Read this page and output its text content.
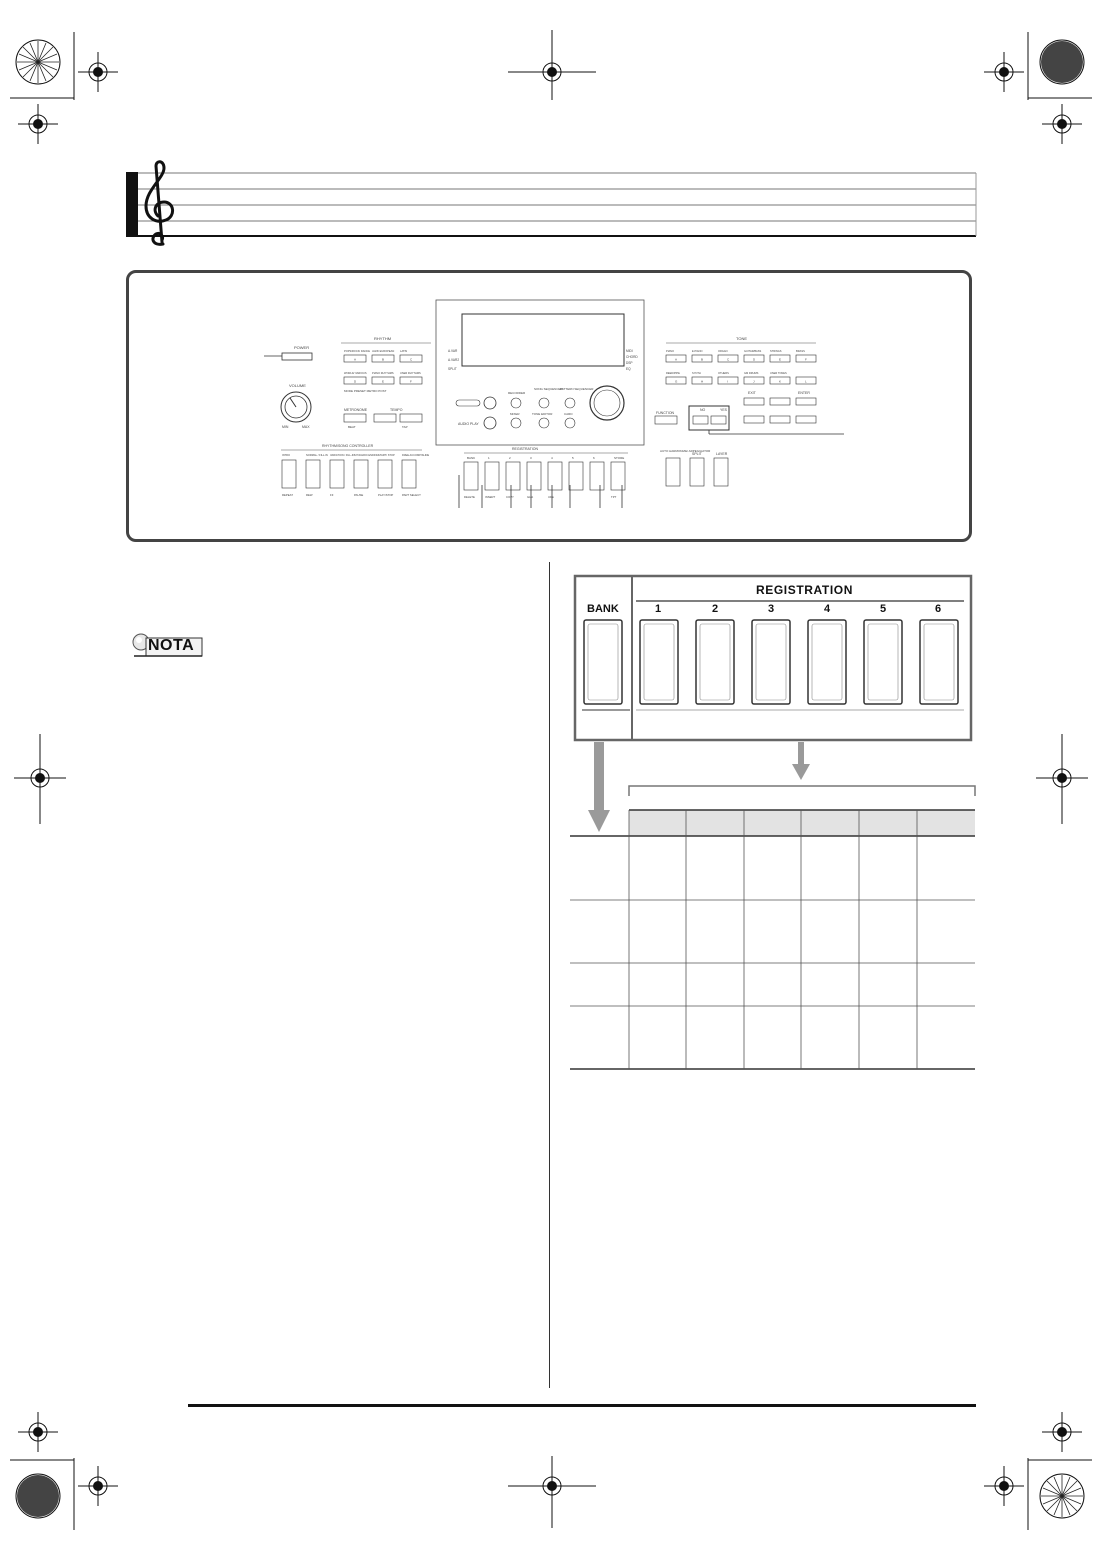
POWER
VOLUME
MIN	MAX
RHYTHM
POPS/ROCK/ DANCE
A
JAZZ/ EUROPEAN
B
LATIN
C
WORLD/ VARIOUS
D
PIANO RHYTHMS
E
USER RHYTHMS
F
MODE PRESET METRO POST
METRONOME	TEMPO
BEAT	TAP
RHYTHM/SONG CONTROLLER
INTRO
REPEAT
NORMAL / FILL-IN
REW
VARIATION / FILL-IN
FF
SYNCHRO/ ENDING
PAUSE
START/ STOP
PLAY/STOP
FREE ACCOMP/SLIDE
PART SELECT
A.VAR
A.VAR2
SPLIT
MIDI
CHORD
DSP
EQ
AUDIO PLAY
RECORDER
SONG SEQUENCER
PATTERN SEQUENCER
MIXER	TONE EDITOR	CARD
REGISTRATION
BANK
DELETE
1
INSERT
2
COPY
3
GHA
4
UDE
5	6	STORE
TPT
TONE
PIANO
A
E.PIANO
B
ORGAN
C
GUITAR/BASS
D
STRINGS
E
BRASS
F
REED/PIPE
G
SYNTH
H
OTHERS
I
GM DRUMS
J
USER TONES
K	L
FUNCTION
NO	YES
EXIT	ENTER
AUTO HARMONIZE/ ARPEGGIATOR
SPLIT	LAYER
NOTA
REGISTRATION
BANK	1	2	3	4	5	6
